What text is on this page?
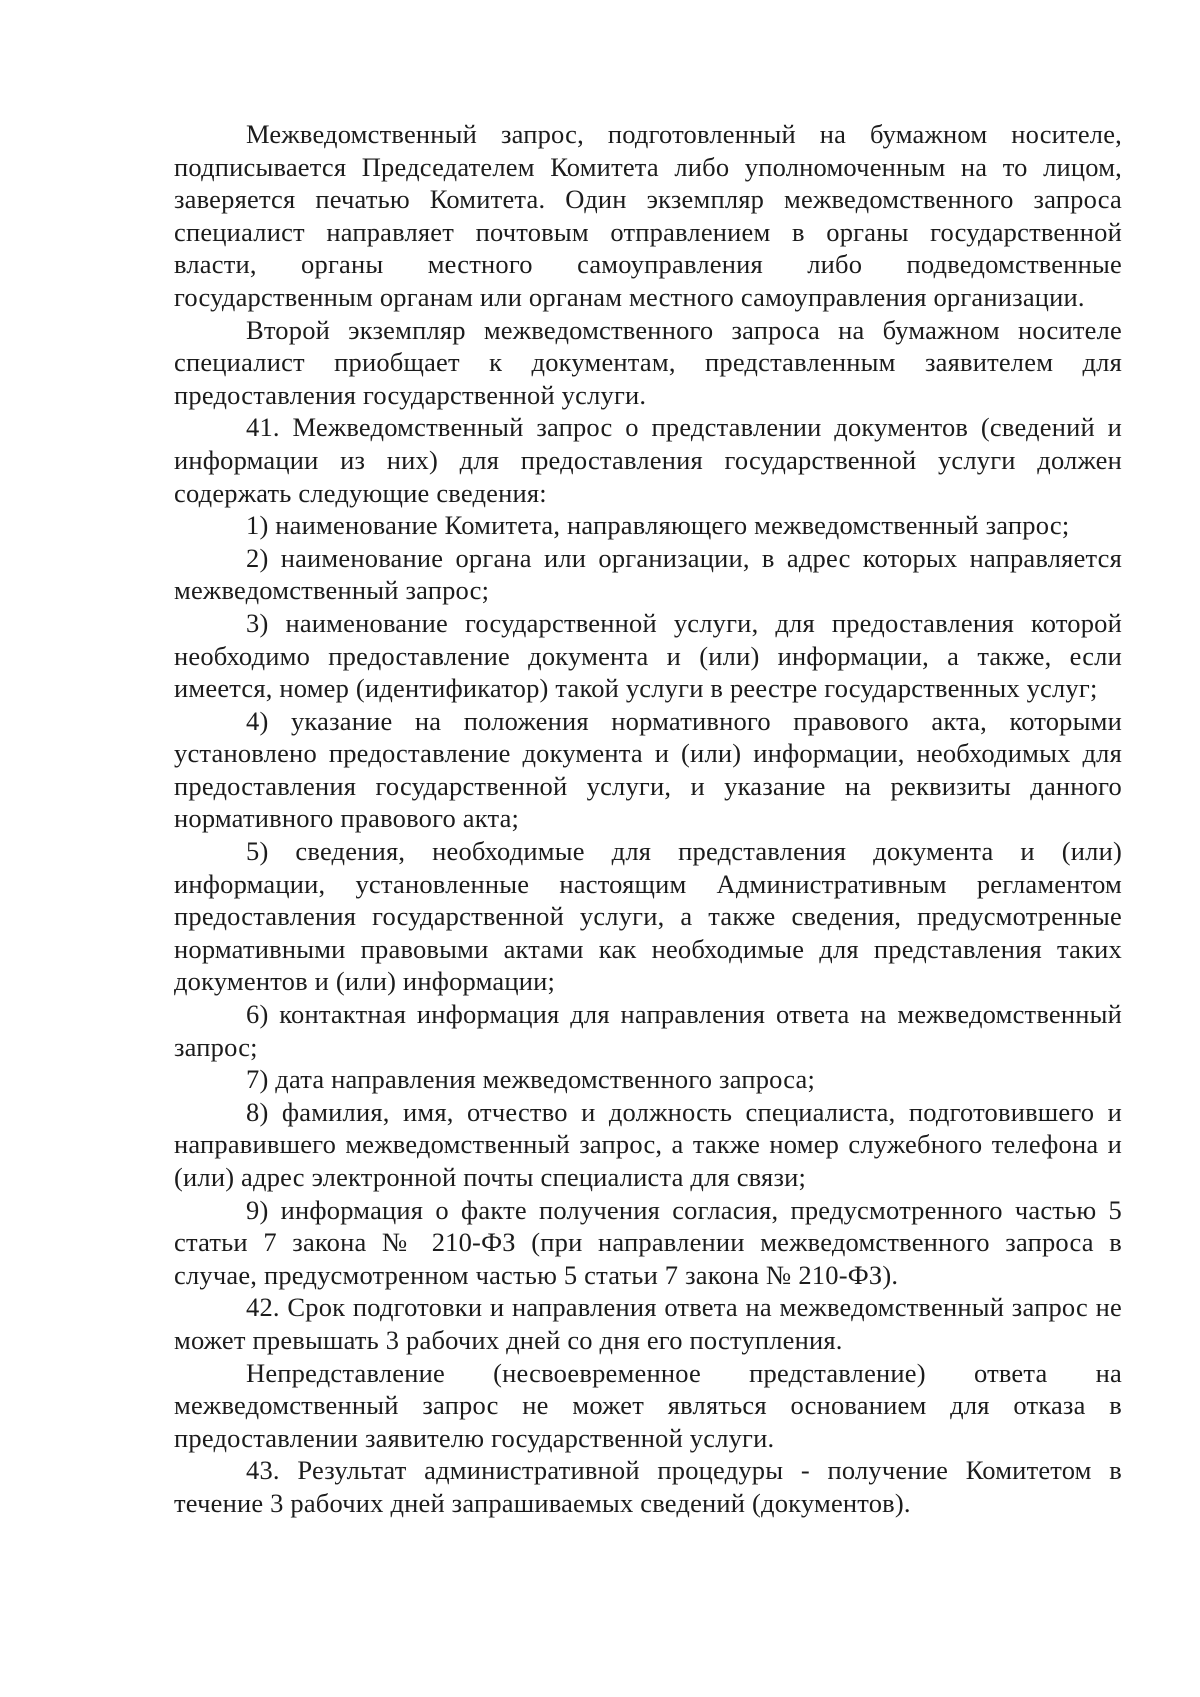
Межведомственный запрос, подготовленный на бумажном носителе, подписывается Председателем Комитета либо уполномоченным на то лицом, заверяется печатью Комитета. Один экземпляр межведомственного запроса специалист направляет почтовым отправлением в органы государственной власти, органы местного самоуправления либо подведомственные государственным органам или органам местного самоуправления организации.

Второй экземпляр межведомственного запроса на бумажном носителе специалист приобщает к документам, представленным заявителем для предоставления государственной услуги.

41. Межведомственный запрос о представлении документов (сведений и информации из них) для предоставления государственной услуги должен содержать следующие сведения:

1) наименование Комитета, направляющего межведомственный запрос;

2) наименование органа или организации, в адрес которых направляется межведомственный запрос;

3) наименование государственной услуги, для предоставления которой необходимо предоставление документа и (или) информации, а также, если имеется, номер (идентификатор) такой услуги в реестре государственных услуг;

4) указание на положения нормативного правового акта, которыми установлено предоставление документа и (или) информации, необходимых для предоставления государственной услуги, и указание на реквизиты данного нормативного правового акта;

5) сведения, необходимые для представления документа и (или) информации, установленные настоящим Административным регламентом предоставления государственной услуги, а также сведения, предусмотренные нормативными правовыми актами как необходимые для представления таких документов и (или) информации;

6) контактная информация для направления ответа на межведомственный запрос;

7) дата направления межведомственного запроса;

8) фамилия, имя, отчество и должность специалиста, подготовившего и направившего межведомственный запрос, а также номер служебного телефона и (или) адрес электронной почты специалиста для связи;

9) информация о факте получения согласия, предусмотренного частью 5 статьи 7 закона № 210-ФЗ (при направлении межведомственного запроса в случае, предусмотренном частью 5 статьи 7 закона № 210-ФЗ).

42. Срок подготовки и направления ответа на межведомственный запрос не может превышать 3 рабочих дней со дня его поступления.

Непредставление (несвоевременное представление) ответа на межведомственный запрос не может являться основанием для отказа в предоставлении заявителю государственной услуги.

43. Результат административной процедуры - получение Комитетом в течение 3 рабочих дней запрашиваемых сведений (документов).
